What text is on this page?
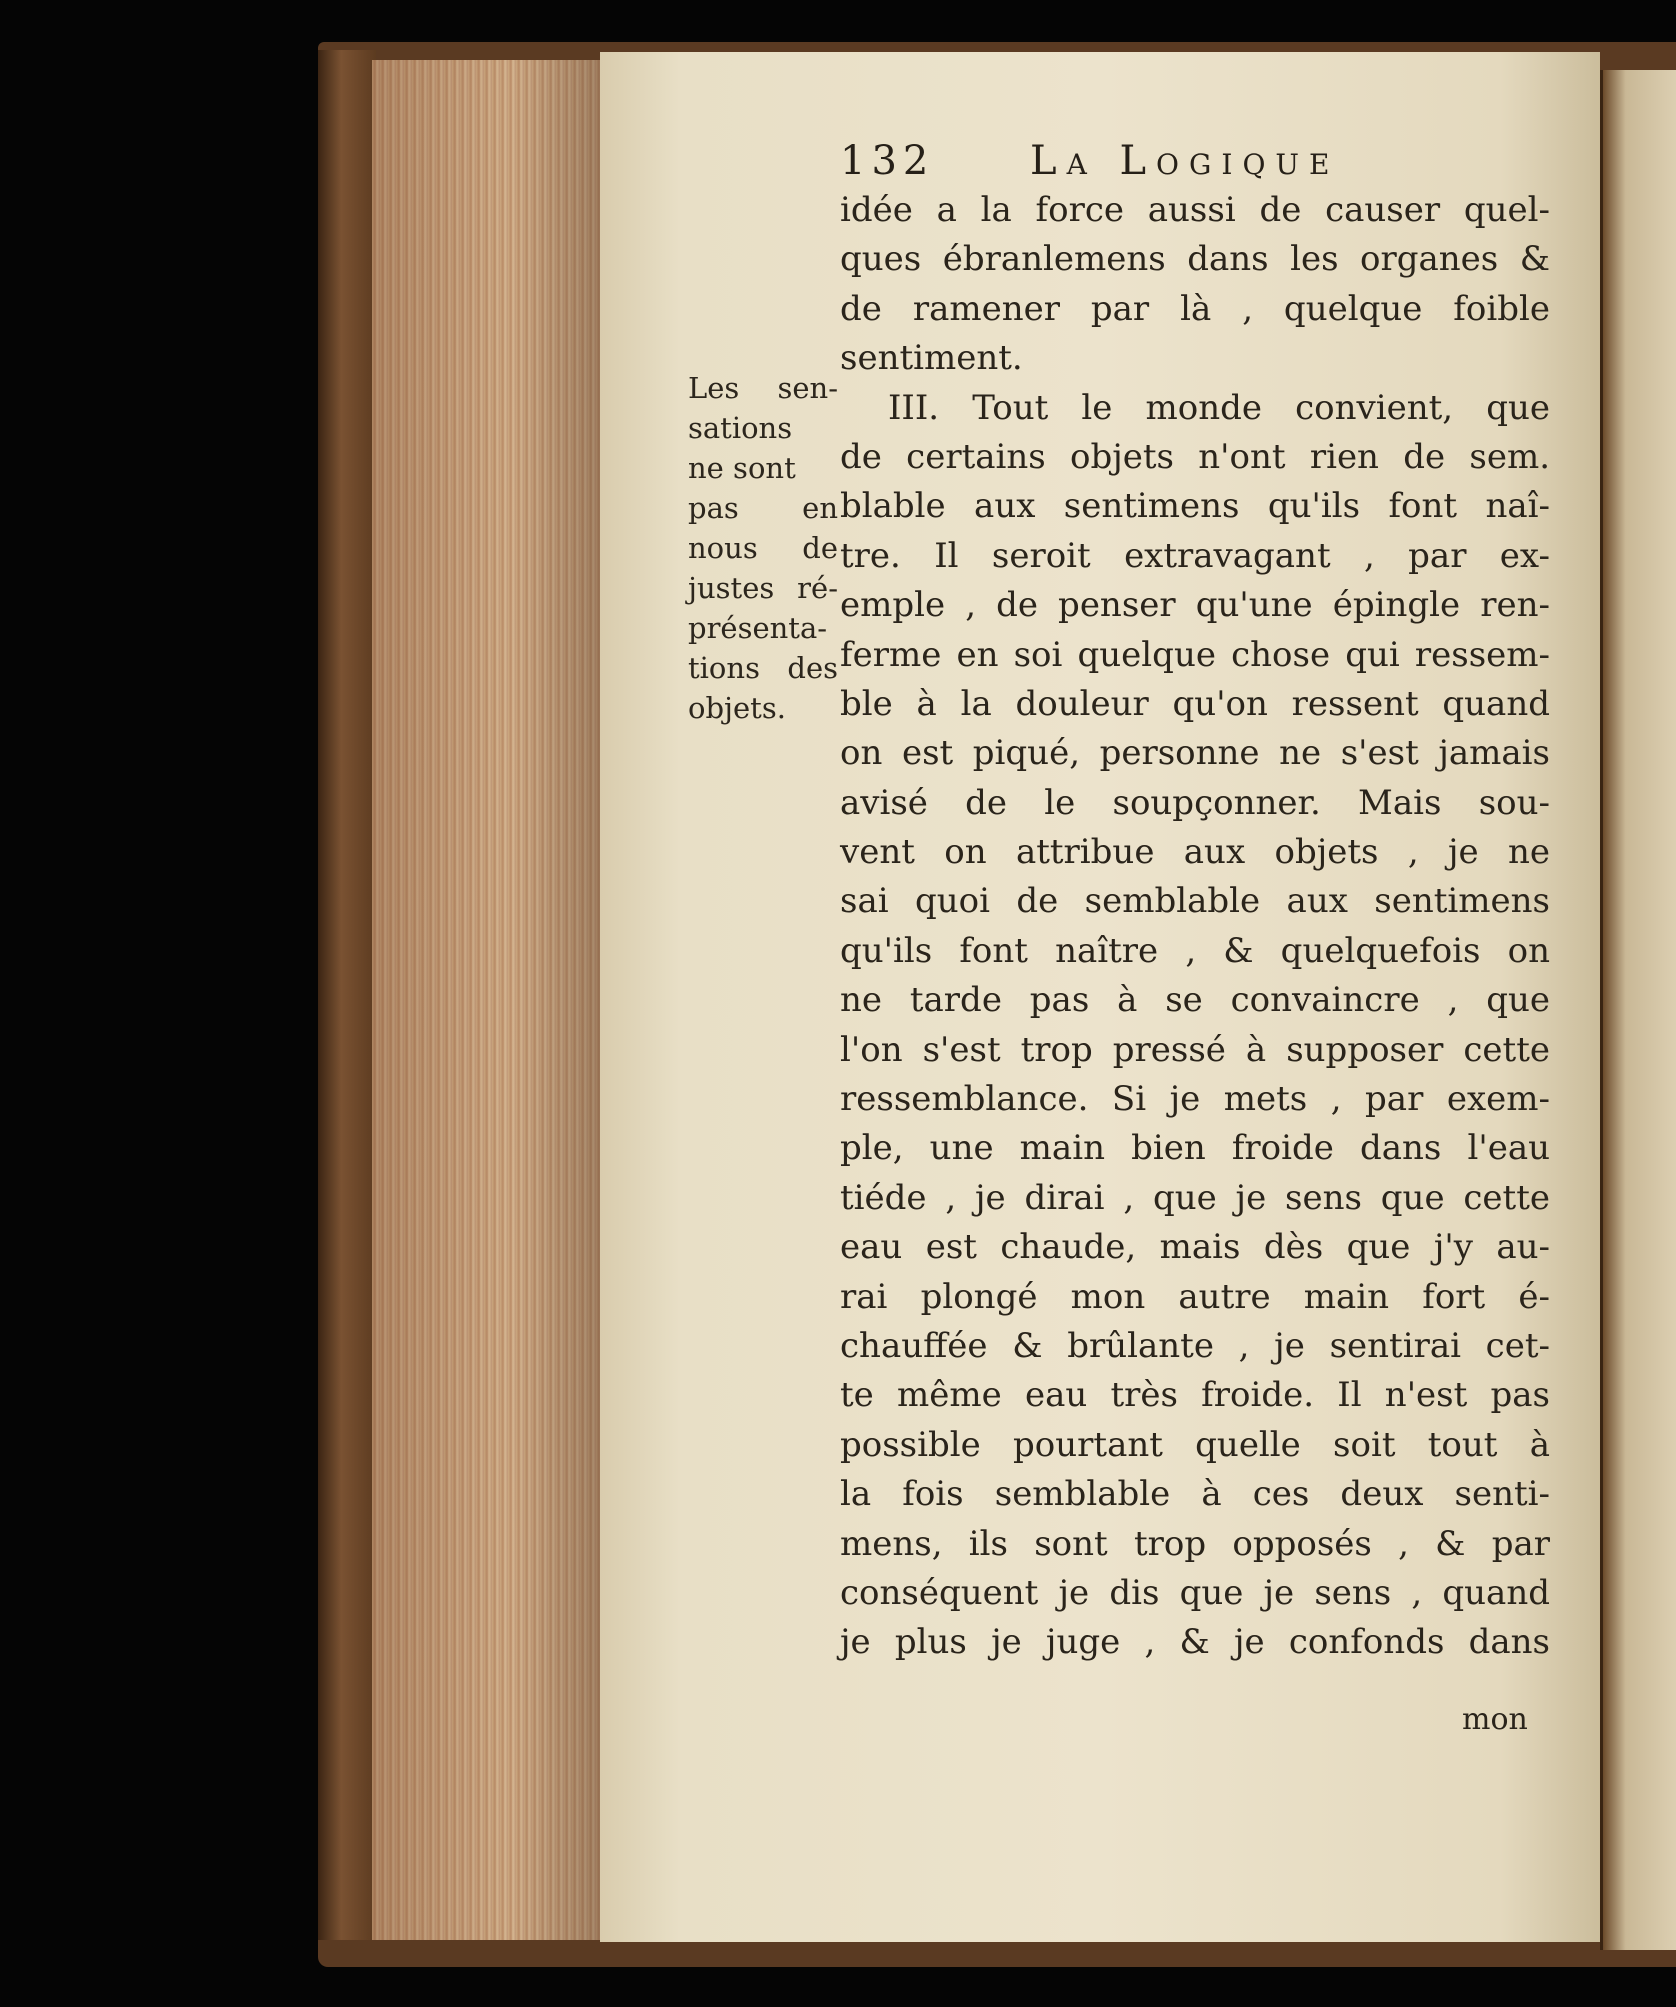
132 La Logique
Les sen-
sations
ne sont
pas en
nous de
justes ré-
présenta-
tions des
objets.
idée a la force aussi de causer quel-
ques ébranlemens dans les organes &
de ramener par là , quelque foible
sentiment.
III. Tout le monde convient, que
de certains objets n'ont rien de sem.
blable aux sentimens qu'ils font naî-
tre. Il seroit extravagant , par ex-
emple , de penser qu'une épingle ren-
ferme en soi quelque chose qui ressem-
ble à la douleur qu'on ressent quand
on est piqué, personne ne s'est jamais
avisé de le soupçonner. Mais sou-
vent on attribue aux objets , je ne
sai quoi de semblable aux sentimens
qu'ils font naître , & quelquefois on
ne tarde pas à se convaincre , que
l'on s'est trop pressé à supposer cette
ressemblance. Si je mets , par exem-
ple, une main bien froide dans l'eau
tiéde , je dirai , que je sens que cette
eau est chaude, mais dès que j'y au-
rai plongé mon autre main fort é-
chauffée & brûlante , je sentirai cet-
te même eau très froide. Il n'est pas
possible pourtant quelle soit tout à
la fois semblable à ces deux senti-
mens, ils sont trop opposés , & par
conséquent je dis que je sens , quand
je plus je juge , & je confonds dans
mon
